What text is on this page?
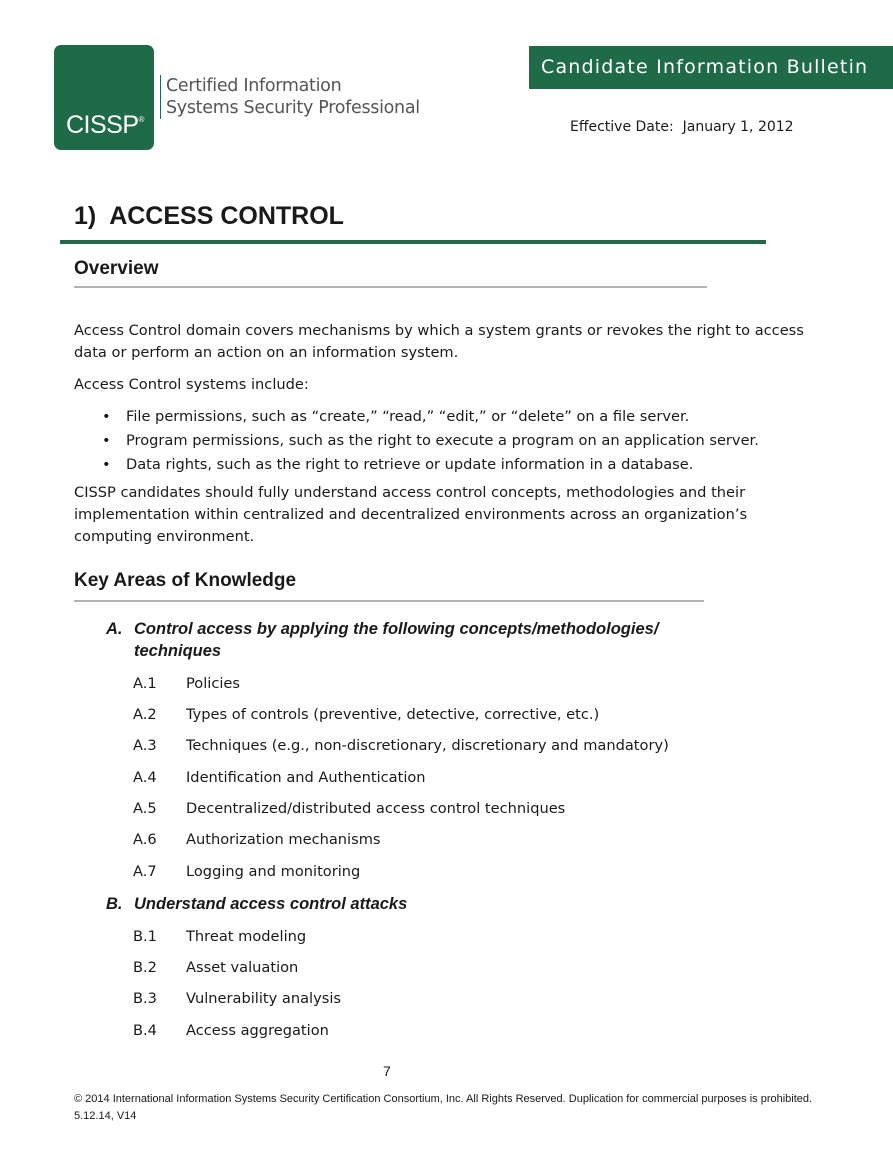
CISSP®
Certified Information
Systems Security Professional
Candidate Information Bulletin
Effective Date:  January 1, 2012
1)  ACCESS CONTROL
Overview
Access Control domain covers mechanisms by which a system grants or revokes the right to access data or perform an action on an information system.
Access Control systems include:
• File permissions, such as “create,” “read,” “edit,” or “delete” on a file server.
• Program permissions, such as the right to execute a program on an application server.
• Data rights, such as the right to retrieve or update information in a database.
CISSP candidates should fully understand access control concepts, methodologies and their implementation within centralized and decentralized environments across an organization’s computing environment.
Key Areas of Knowledge
A. Control access by applying the following concepts/methodologies/ techniques
A.1 Policies
A.2 Types of controls (preventive, detective, corrective, etc.)
A.3 Techniques (e.g., non-discretionary, discretionary and mandatory)
A.4 Identification and Authentication
A.5 Decentralized/distributed access control techniques
A.6 Authorization mechanisms
A.7 Logging and monitoring
B. Understand access control attacks
B.1 Threat modeling
B.2 Asset valuation
B.3 Vulnerability analysis
B.4 Access aggregation
7
© 2014 International Information Systems Security Certification Consortium, Inc. All Rights Reserved. Duplication for commercial purposes is prohibited. 5.12.14, V14
